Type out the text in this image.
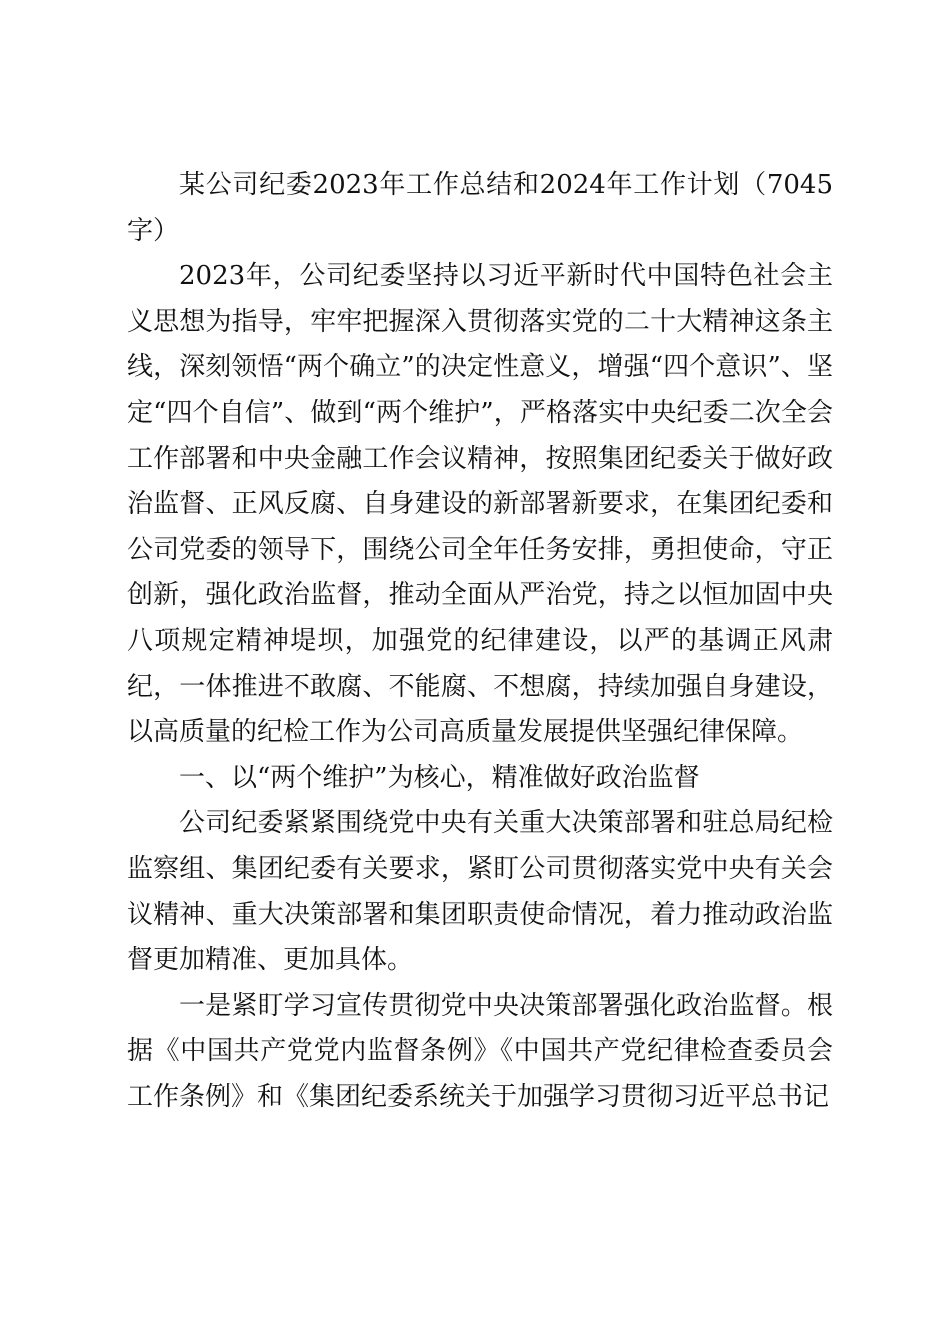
某公司纪委2023年工作总结和2024年工作计划（7045字）

2023年，公司纪委坚持以习近平新时代中国特色社会主义思想为指导，牢牢把握深入贯彻落实党的二十大精神这条主线，深刻领悟“两个确立”的决定性意义，增强“四个意识”、坚定“四个自信”、做到“两个维护”，严格落实中央纪委二次全会工作部署和中央金融工作会议精神，按照集团纪委关于做好政治监督、正风反腐、自身建设的新部署新要求，在集团纪委和公司党委的领导下，围绕公司全年任务安排，勇担使命，守正创新，强化政治监督，推动全面从严治党，持之以恒加固中央八项规定精神堤坝，加强党的纪律建设，以严的基调正风肃纪，一体推进不敢腐、不能腐、不想腐，持续加强自身建设，以高质量的纪检工作为公司高质量发展提供坚强纪律保障。

一、以“两个维护”为核心，精准做好政治监督

公司纪委紧紧围绕党中央有关重大决策部署和驻总局纪检监察组、集团纪委有关要求，紧盯公司贯彻落实党中央有关会议精神、重大决策部署和集团职责使命情况，着力推动政治监督更加精准、更加具体。

一是紧盯学习宣传贯彻党中央决策部署强化政治监督。根据《中国共产党党内监督条例》《中国共产党纪律检查委员会工作条例》和《集团纪委系统关于加强学习贯彻习近平总书记
